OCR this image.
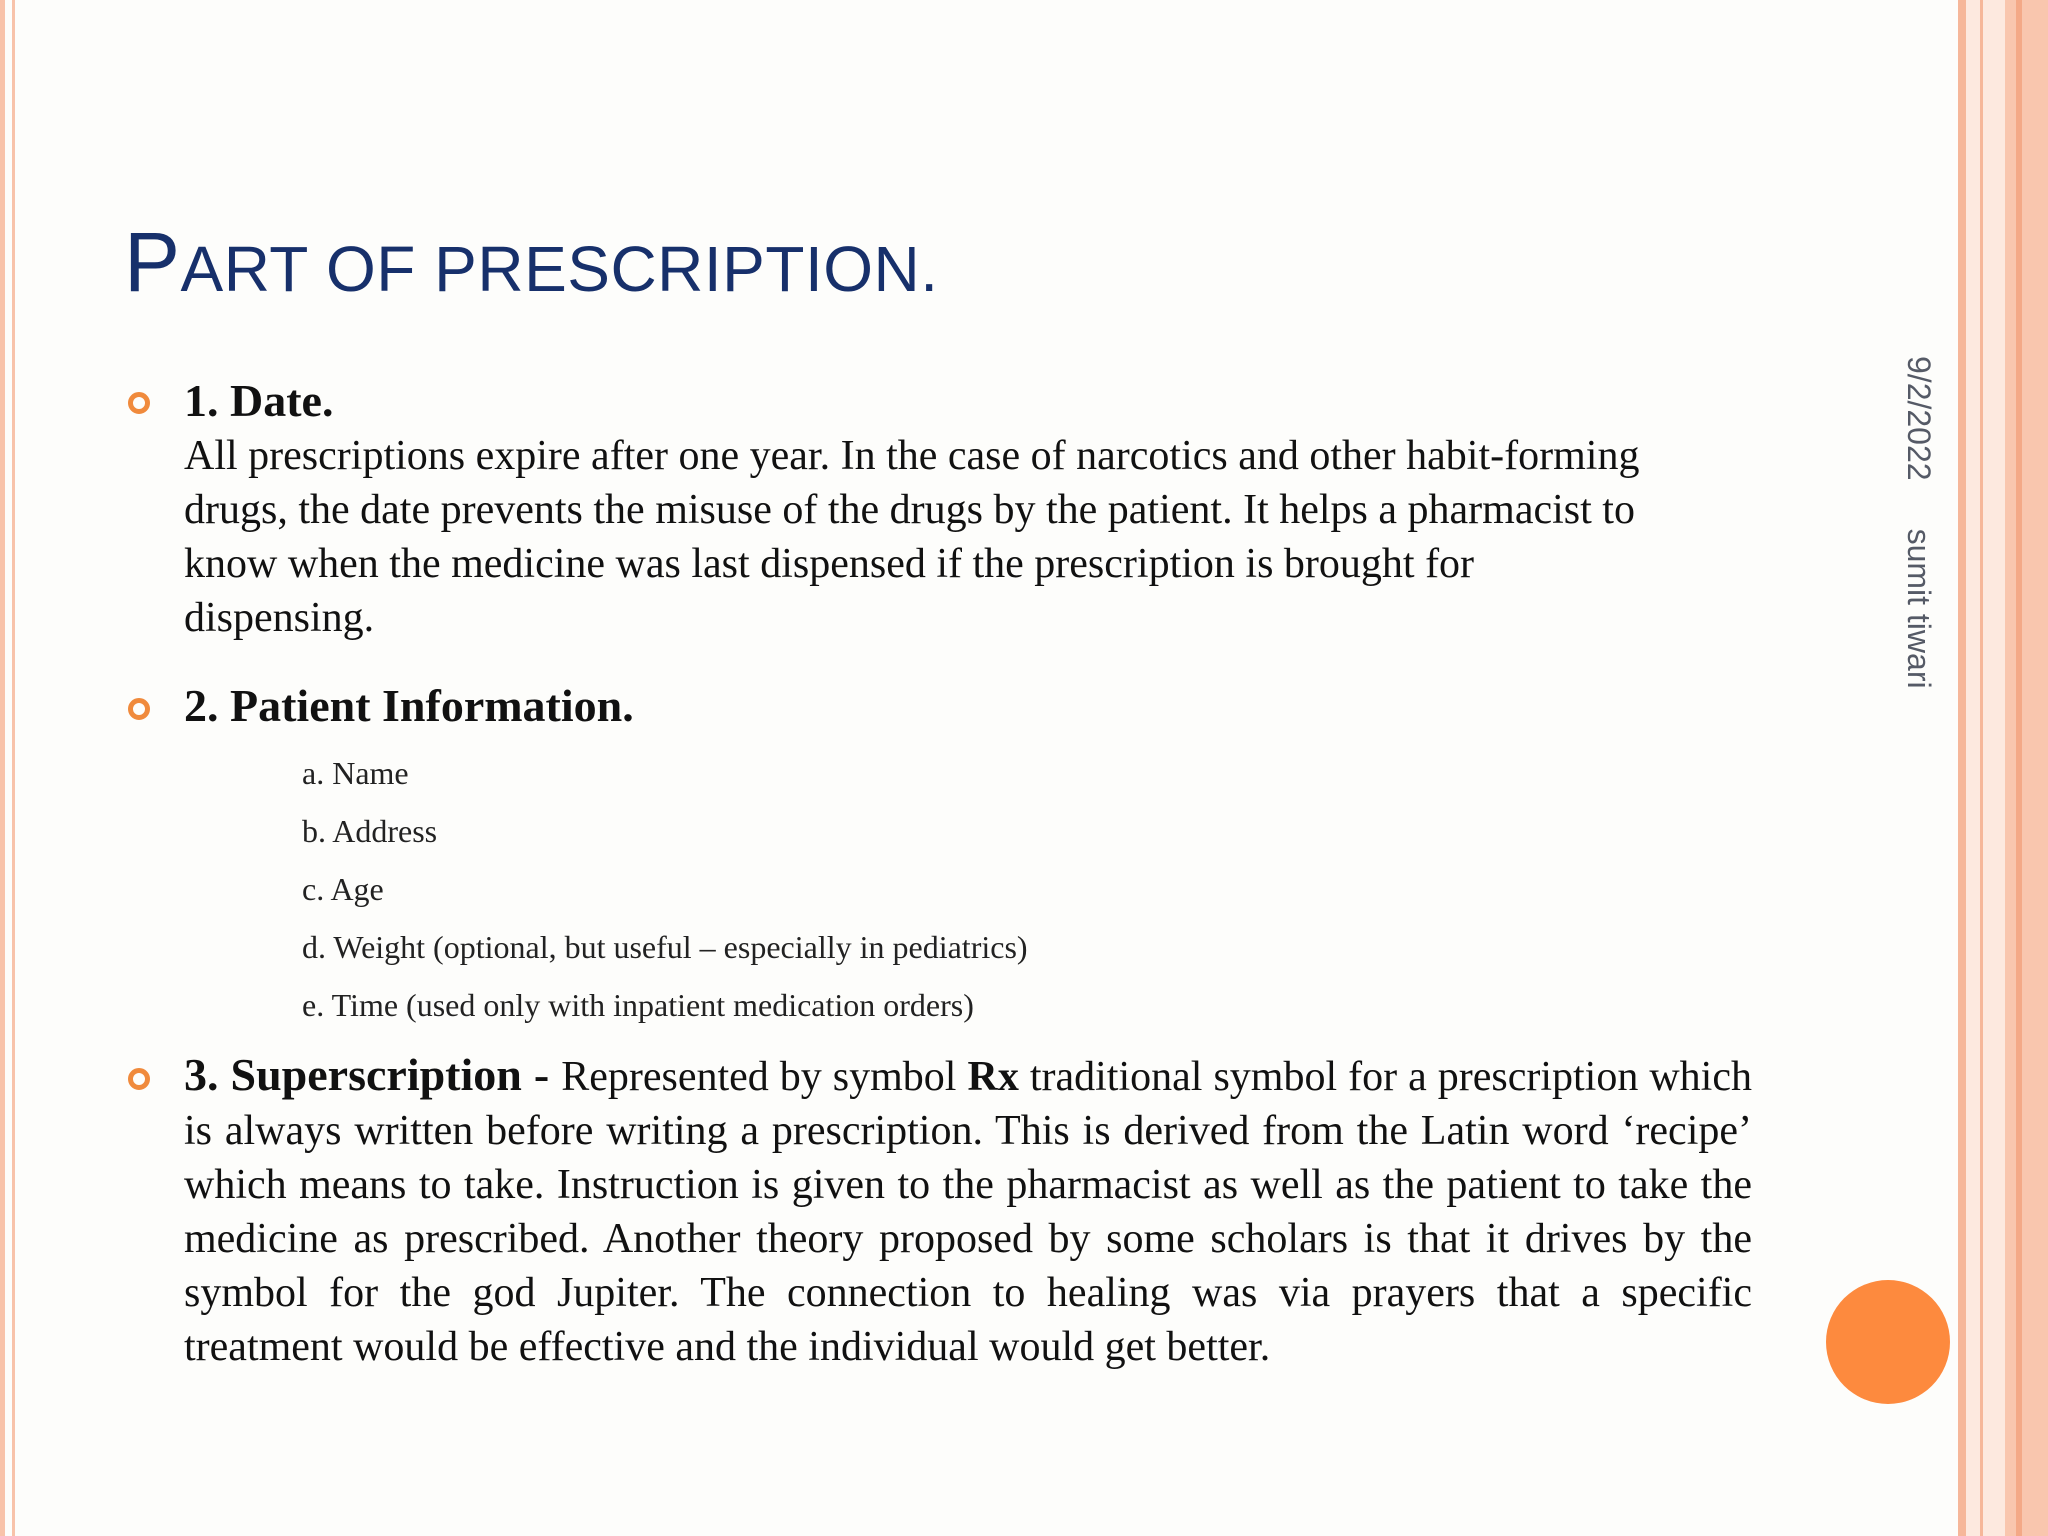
PART OF PRESCRIPTION.
9/2/2022
sumit tiwari
1. Date.
All prescriptions expire after one year. In the case of narcotics and other habit-forming drugs, the date prevents the misuse of the drugs by the patient. It helps a pharmacist to know when the medicine was last dispensed if the prescription is brought for dispensing.
2. Patient Information.
a. Name
b. Address
c. Age
d. Weight (optional, but useful – especially in pediatrics)
e. Time (used only with inpatient medication orders)
3. Superscription - Represented by symbol Rx traditional symbol for a prescription which is always written before writing a prescription. This is derived from the Latin word ‘recipe’ which means to take. Instruction is given to the pharmacist as well as the patient to take the medicine as prescribed. Another theory proposed by some scholars is that it drives by the symbol for the god Jupiter. The connection to healing was via prayers that a specific treatment would be effective and the individual would get better.
